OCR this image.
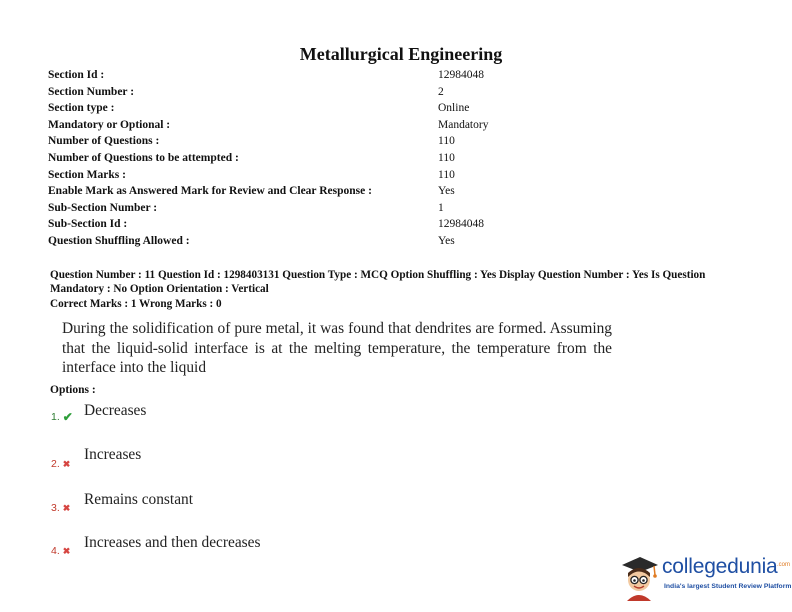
Metallurgical Engineering
Section Id :	12984048
Section Number :	2
Section type :	Online
Mandatory or Optional :	Mandatory
Number of Questions :	110
Number of Questions to be attempted :	110
Section Marks :	110
Enable Mark as Answered Mark for Review and Clear Response :	Yes
Sub-Section Number :	1
Sub-Section Id :	12984048
Question Shuffling Allowed :	Yes
Question Number : 11 Question Id : 1298403131 Question Type : MCQ Option Shuffling : Yes Display Question Number : Yes Is Question Mandatory : No Option Orientation : Vertical
Correct Marks : 1 Wrong Marks : 0
During the solidification of pure metal, it was found that dendrites are formed. Assuming that the liquid-solid interface is at the melting temperature, the temperature from the interface into the liquid
Options :
1. ✔ Decreases
2. ✖
Increases
3. ✖ Remains constant
4. ✖ Increases and then decreases
collegedunia .com
India's largest Student Review Platform
